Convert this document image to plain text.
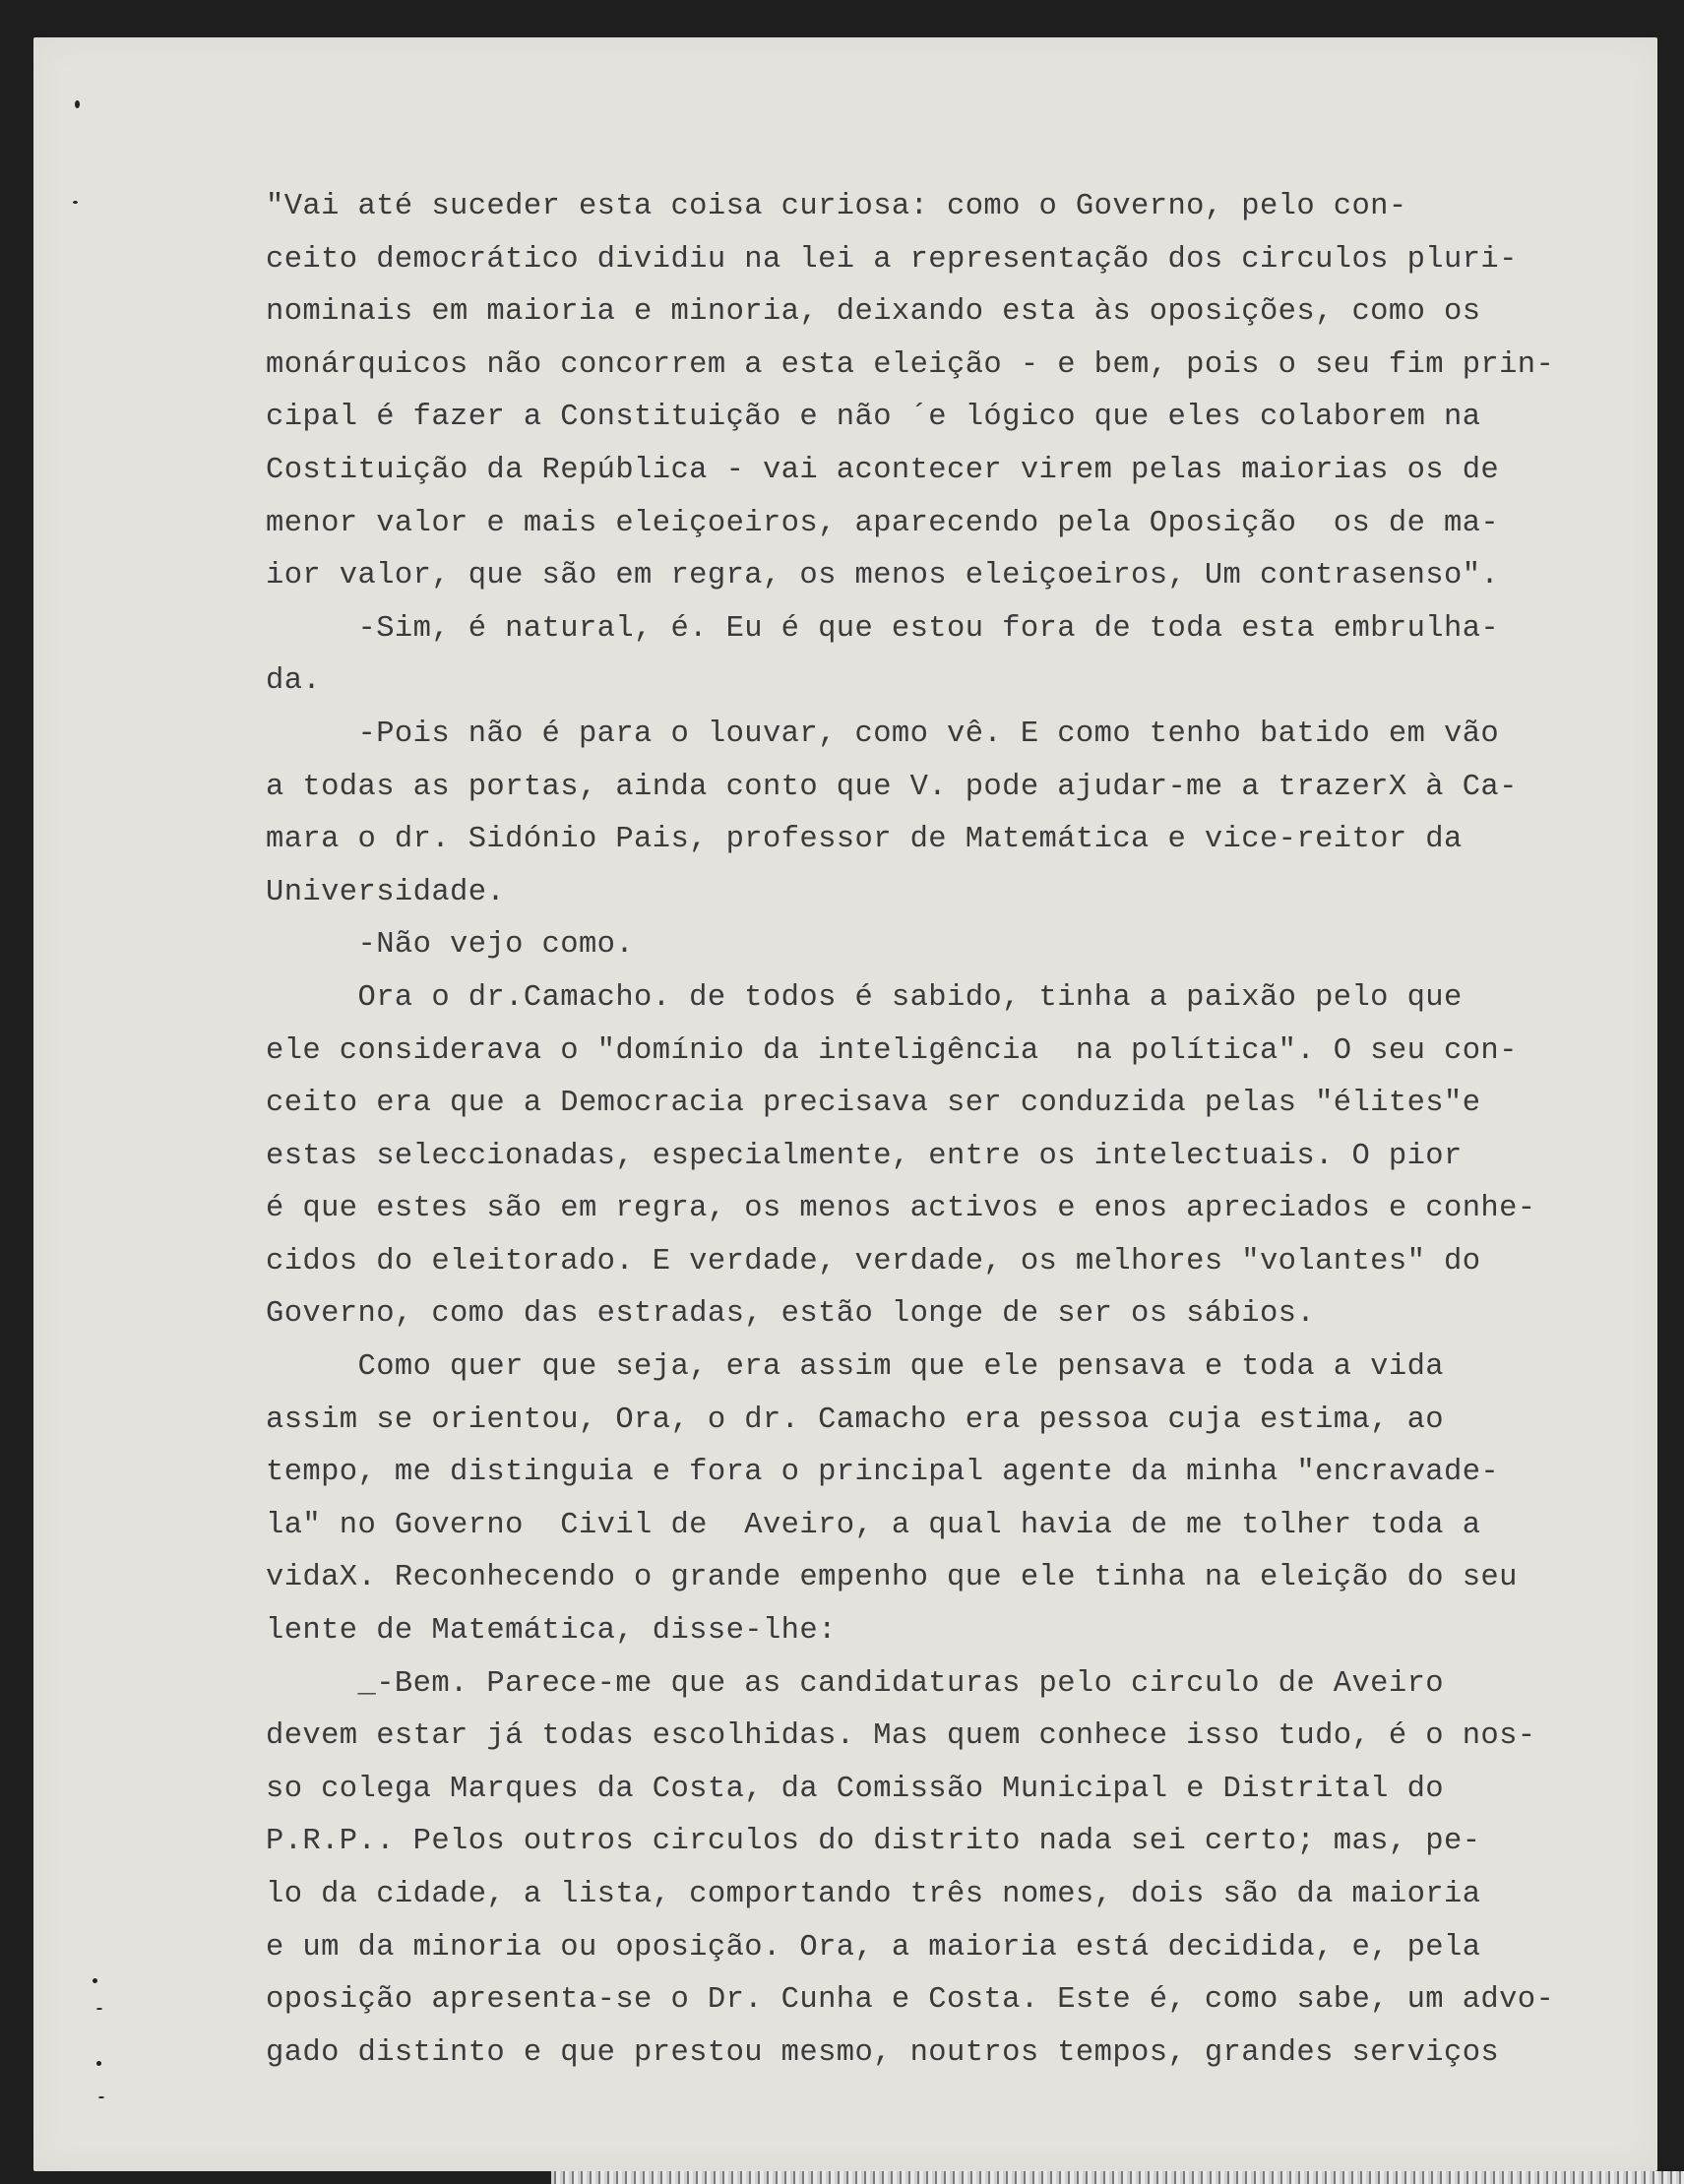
"Vai até suceder esta coisa curiosa: como o Governo, pelo con-
ceito democrático dividiu na lei a representação dos circulos pluri-
nominais em maioria e minoria, deixando esta às oposições, como os
monárquicos não concorrem a esta eleição - e bem, pois o seu fim prin-
cipal é fazer a Constituição e não ´e lógico que eles colaborem na
Costituição da República - vai acontecer virem pelas maiorias os de
menor valor e mais eleiçoeiros, aparecendo pela Oposição  os de ma-
ior valor, que são em regra, os menos eleiçoeiros, Um contrasenso".
-Sim, é natural, é. Eu é que estou fora de toda esta embrulha-
da.
-Pois não é para o louvar, como vê. E como tenho batido em vão
a todas as portas, ainda conto que V. pode ajudar-me a trazerX à Ca-
mara o dr. Sidónio Pais, professor de Matemática e vice-reitor da
Universidade.
-Não vejo como.
Ora o dr.Camacho. de todos é sabido, tinha a paixão pelo que
ele considerava o "domínio da inteligência  na política". O seu con-
ceito era que a Democracia precisava ser conduzida pelas "élites"e
estas seleccionadas, especialmente, entre os intelectuais. O pior
é que estes são em regra, os menos activos e enos apreciados e conhe-
cidos do eleitorado. E verdade, verdade, os melhores "volantes" do
Governo, como das estradas, estão longe de ser os sábios.
Como quer que seja, era assim que ele pensava e toda a vida
assim se orientou, Ora, o dr. Camacho era pessoa cuja estima, ao
tempo, me distinguia e fora o principal agente da minha "encravade-
la" no Governo  Civil de  Aveiro, a qual havia de me tolher toda a
vidaX. Reconhecendo o grande empenho que ele tinha na eleição do seu
lente de Matemática, disse-lhe:
_-Bem. Parece-me que as candidaturas pelo circulo de Aveiro
devem estar já todas escolhidas. Mas quem conhece isso tudo, é o nos-
so colega Marques da Costa, da Comissão Municipal e Distrital do
P.R.P.. Pelos outros circulos do distrito nada sei certo; mas, pe-
lo da cidade, a lista, comportando três nomes, dois são da maioria
e um da minoria ou oposição. Ora, a maioria está decidida, e, pela
oposição apresenta-se o Dr. Cunha e Costa. Este é, como sabe, um advo-
gado distinto e que prestou mesmo, noutros tempos, grandes serviços
